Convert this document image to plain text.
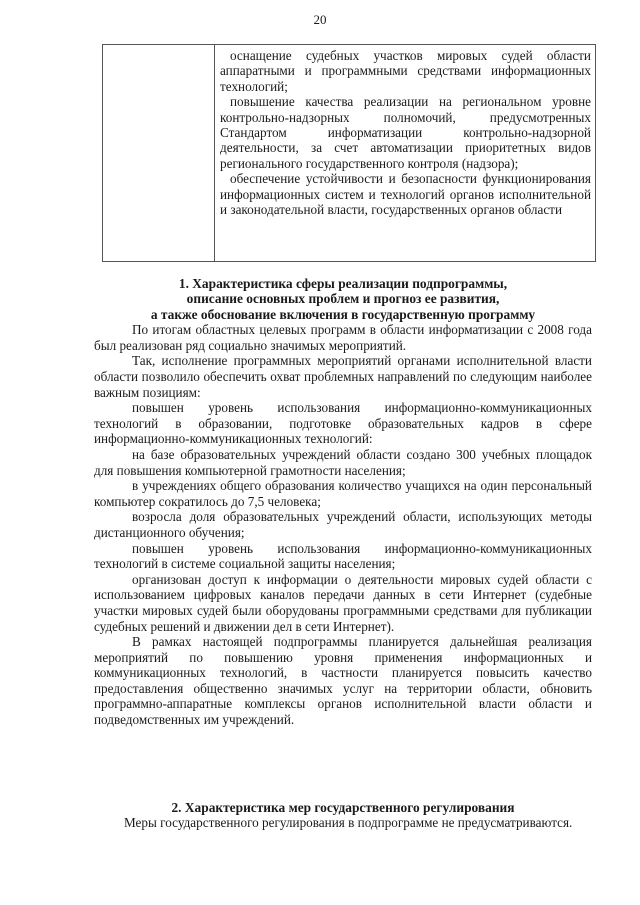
20

оснащение судебных участков мировых судей области аппаратными и программными средствами информационных технологий;

повышение качества реализации на региональном уровне контрольно-надзорных полномочий, предусмотренных Стандартом информатизации контрольно-надзорной деятельности, за счет автоматизации приоритетных видов регионального государственного контроля (надзора);

обеспечение устойчивости и безопасности функционирования информационных систем и технологий органов исполнительной и законодательной власти, государственных органов области

1. Характеристика сферы реализации подпрограммы,
описание основных проблем и прогноз ее развития,
а также обоснование включения в государственную программу

По итогам областных целевых программ в области информатизации с 2008 года был реализован ряд социально значимых мероприятий.

Так, исполнение программных мероприятий органами исполнительной власти области позволило обеспечить охват проблемных направлений по следующим наиболее важным позициям:

повышен уровень использования информационно-коммуникационных технологий в образовании, подготовке образовательных кадров в сфере информационно-коммуникационных технологий:

на базе образовательных учреждений области создано 300 учебных площадок для повышения компьютерной грамотности населения;

в учреждениях общего образования количество учащихся на один персональный компьютер сократилось до 7,5 человека;

возросла доля образовательных учреждений области, использующих методы дистанционного обучения;

повышен уровень использования информационно-коммуникационных технологий в системе социальной защиты населения;

организован доступ к информации о деятельности мировых судей области с использованием цифровых каналов передачи данных в сети Интернет (судебные участки мировых судей были оборудованы программными средствами для публикации судебных решений и движении дел в сети Интернет).

В рамках настоящей подпрограммы планируется дальнейшая реализация мероприятий по повышению уровня применения информационных и коммуникационных технологий, в частности планируется повысить качество предоставления общественно значимых услуг на территории области, обновить программно-аппаратные комплексы органов исполнительной власти области и подведомственных им учреждений.

2. Характеристика мер государственного регулирования

Меры государственного регулирования в подпрограмме не предусматриваются.
